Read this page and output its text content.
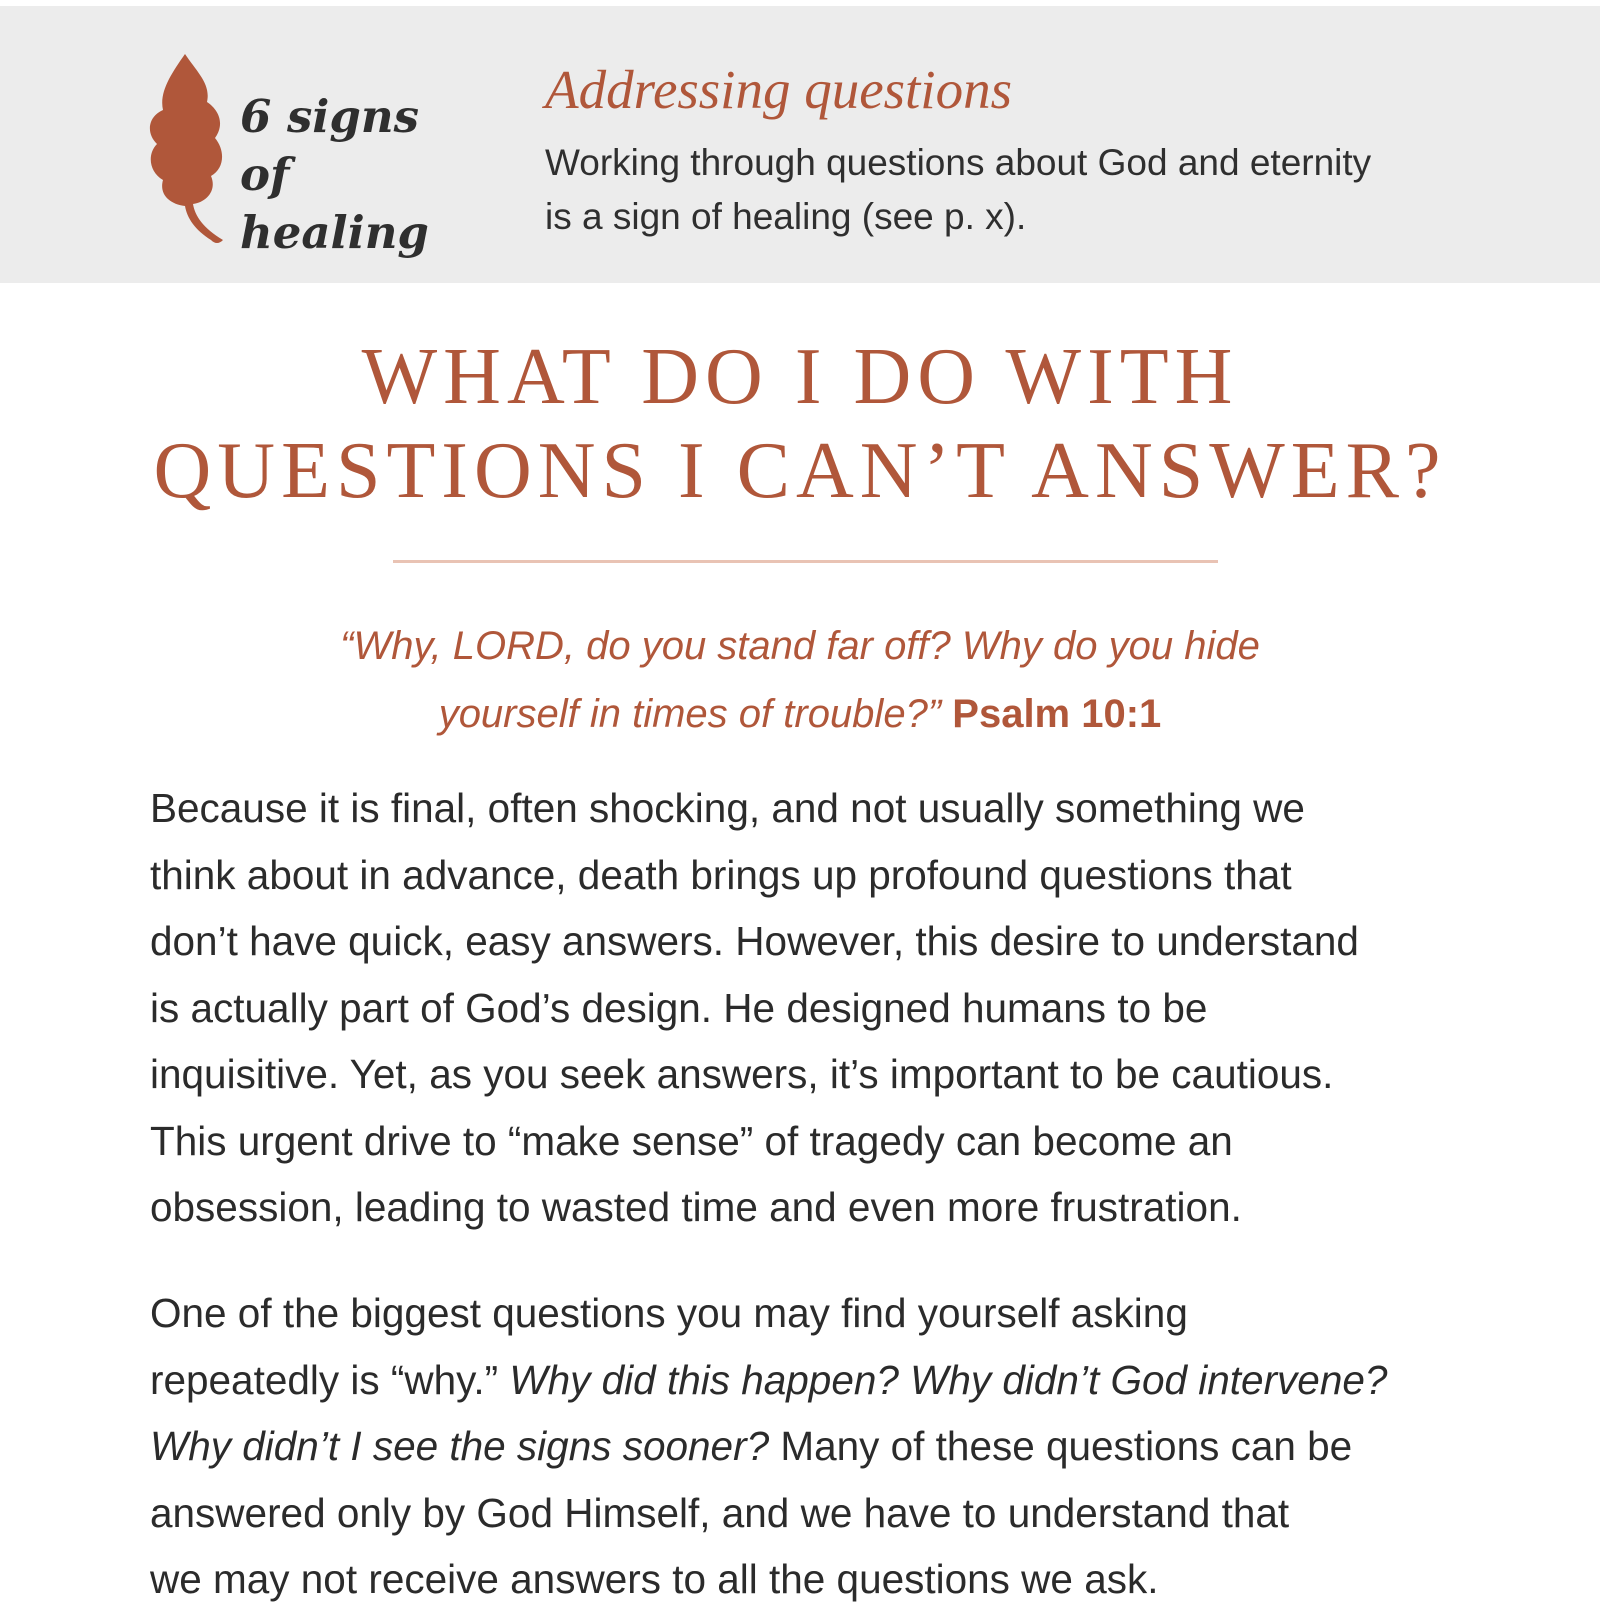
6 signs
of healing
Addressing questions
Working through questions about God and eternity
is a sign of healing (see p. x).
WHAT DO I DO WITH
QUESTIONS I CAN’T ANSWER?
“Why, LORD, do you stand far off? Why do you hide
yourself in times of trouble?” Psalm 10:1
Because it is final, often shocking, and not usually something we
think about in advance, death brings up profound questions that
don’t have quick, easy answers. However, this desire to understand
is actually part of God’s design. He designed humans to be
inquisitive. Yet, as you seek answers, it’s important to be cautious.
This urgent drive to “make sense” of tragedy can become an
obsession, leading to wasted time and even more frustration.
One of the biggest questions you may find yourself asking
repeatedly is “why.” Why did this happen? Why didn’t God intervene?
Why didn’t I see the signs sooner? Many of these questions can be
answered only by God Himself, and we have to understand that
we may not receive answers to all the questions we ask.
